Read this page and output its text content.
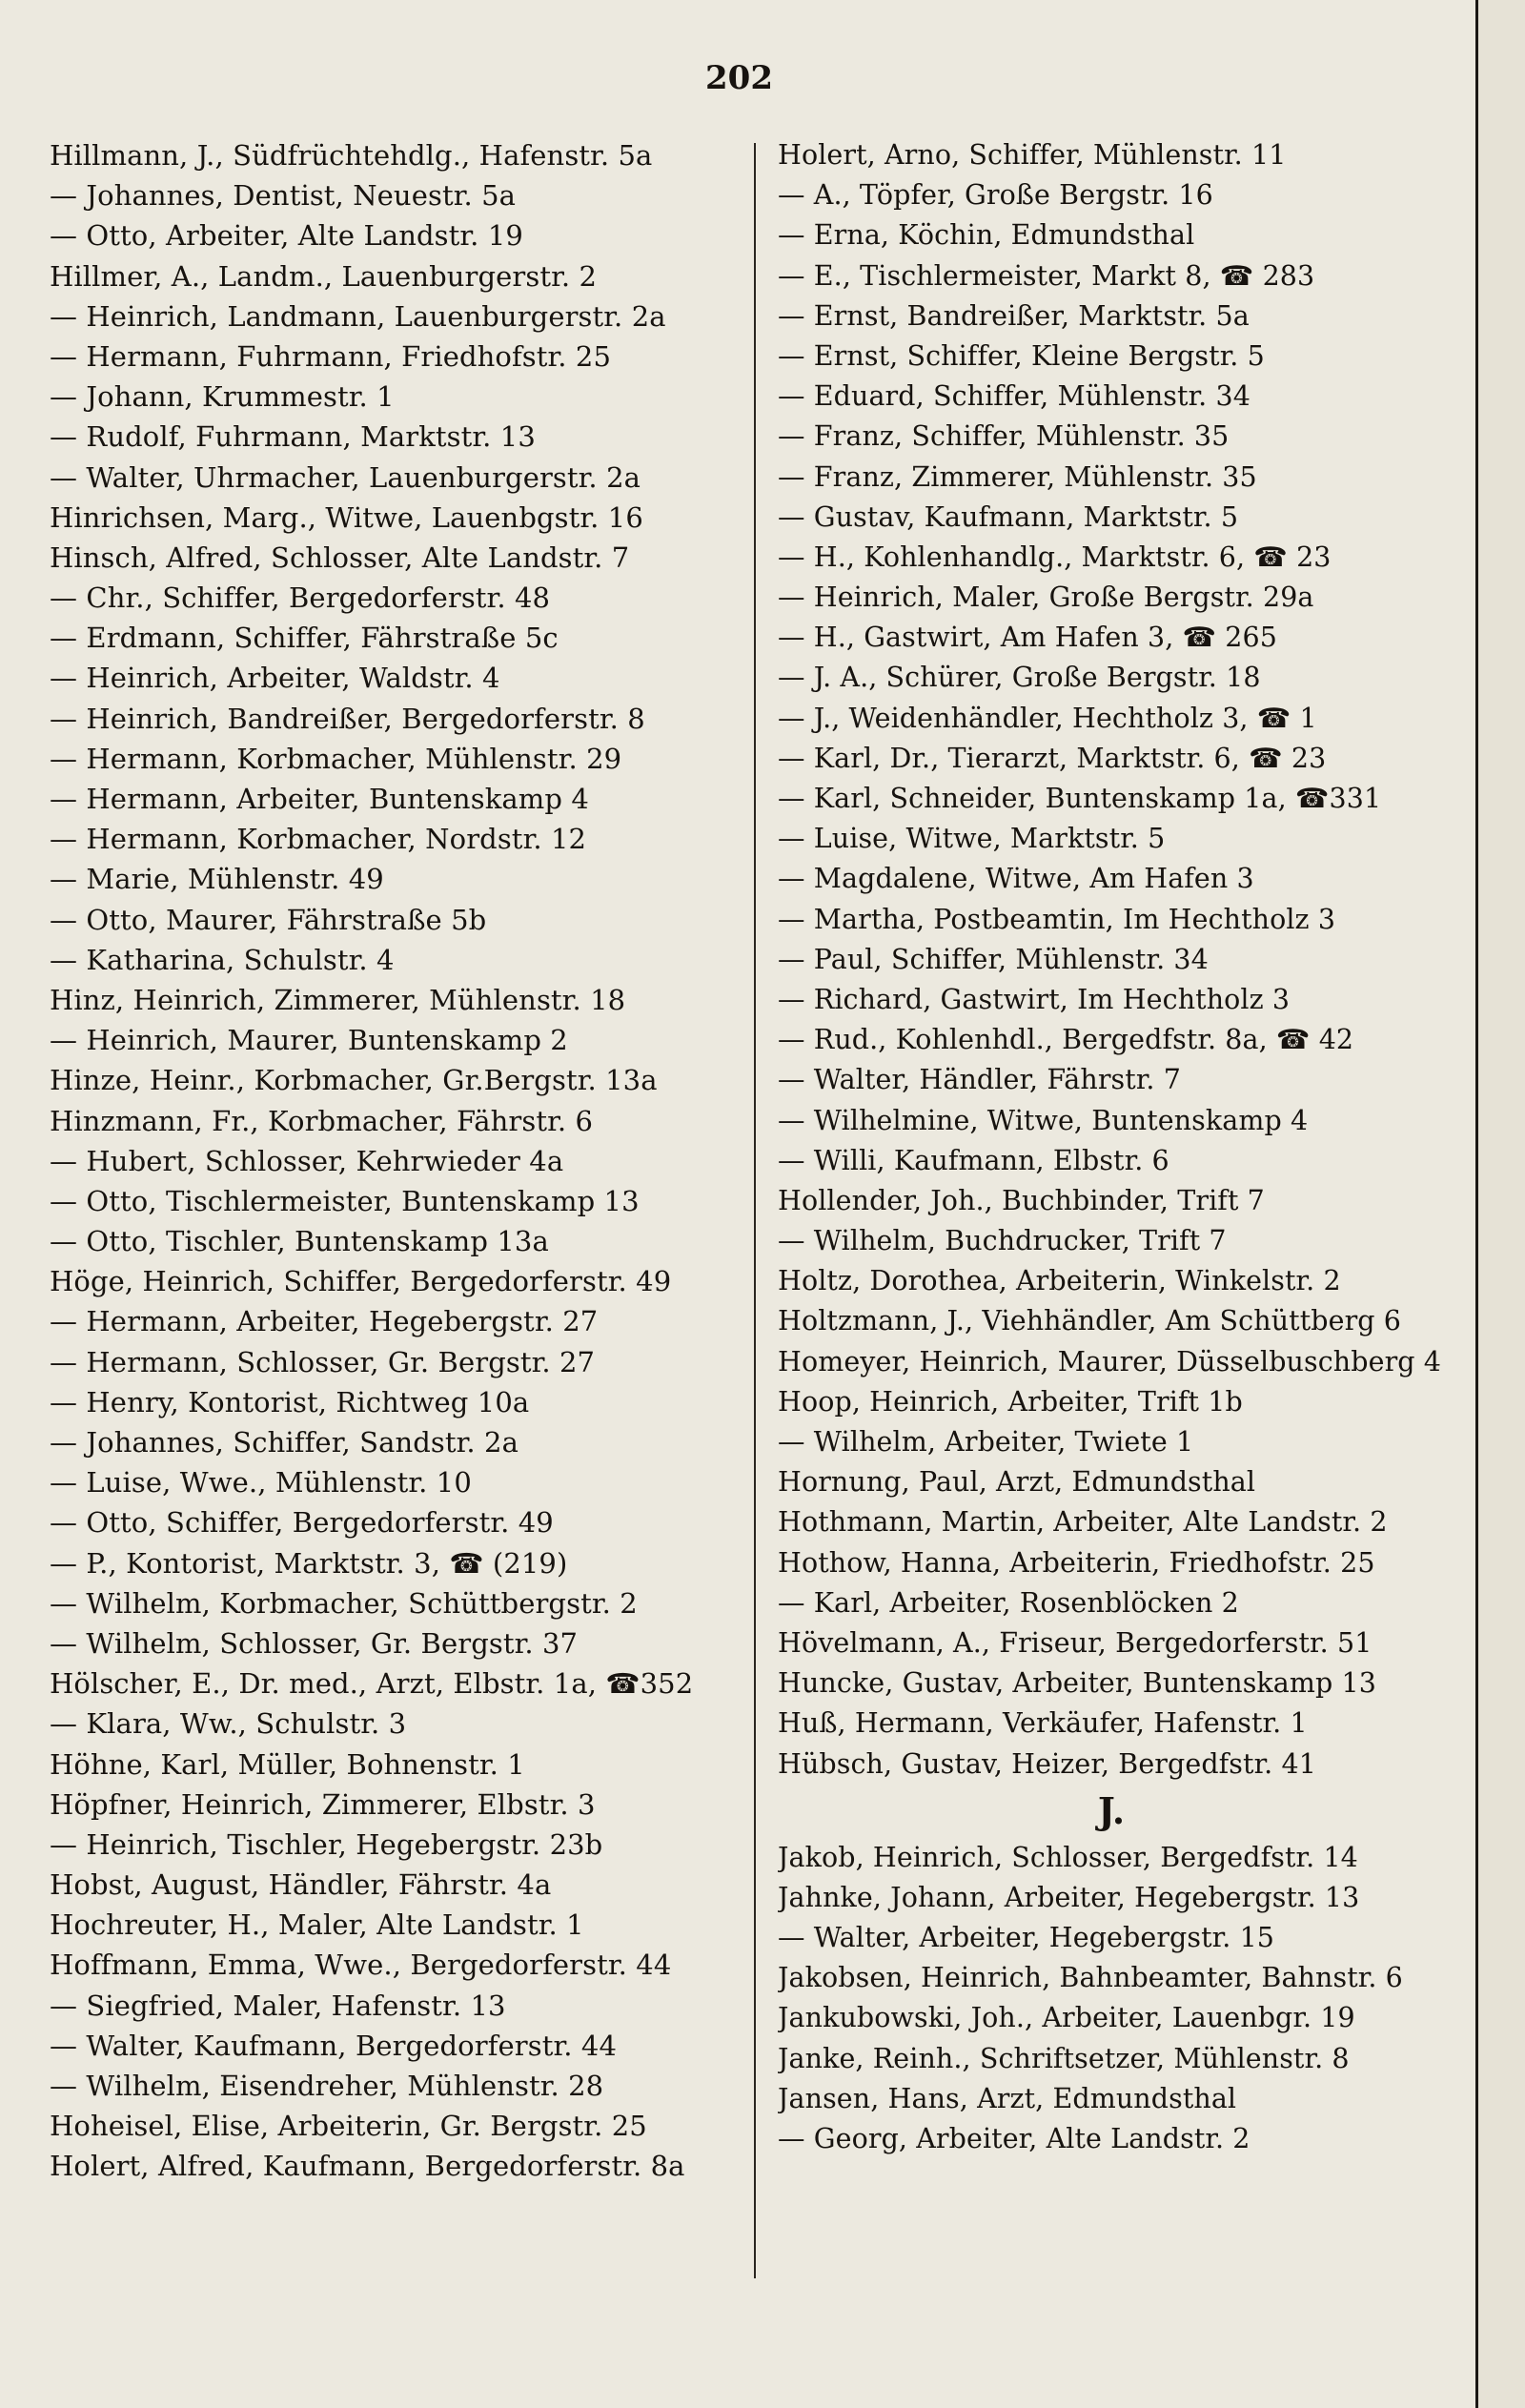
202
Hillmann, J., Südfrüchtehdlg., Hafenstr. 5a
— Johannes, Dentist, Neuestr. 5a
— Otto, Arbeiter, Alte Landstr. 19
Hillmer, A., Landm., Lauenburgerstr. 2
— Heinrich, Landmann, Lauenburgerstr. 2a
— Hermann, Fuhrmann, Friedhofstr. 25
— Johann, Krummestr. 1
— Rudolf, Fuhrmann, Marktstr. 13
— Walter, Uhrmacher, Lauenburgerstr. 2a
Hinrichsen, Marg., Witwe, Lauenbgstr. 16
Hinsch, Alfred, Schlosser, Alte Landstr. 7
— Chr., Schiffer, Bergedorferstr. 48
— Erdmann, Schiffer, Fährstraße 5c
— Heinrich, Arbeiter, Waldstr. 4
— Heinrich, Bandreißer, Bergedorferstr. 8
— Hermann, Korbmacher, Mühlenstr. 29
— Hermann, Arbeiter, Buntenskamp 4
— Hermann, Korbmacher, Nordstr. 12
— Marie, Mühlenstr. 49
— Otto, Maurer, Fährstraße 5b
— Katharina, Schulstr. 4
Hinz, Heinrich, Zimmerer, Mühlenstr. 18
— Heinrich, Maurer, Buntenskamp 2
Hinze, Heinr., Korbmacher, Gr.Bergstr. 13a
Hinzmann, Fr., Korbmacher, Fährstr. 6
— Hubert, Schlosser, Kehrwieder 4a
— Otto, Tischlermeister, Buntenskamp 13
— Otto, Tischler, Buntenskamp 13a
Höge, Heinrich, Schiffer, Bergedorferstr. 49
— Hermann, Arbeiter, Hegebergstr. 27
— Hermann, Schlosser, Gr. Bergstr. 27
— Henry, Kontorist, Richtweg 10a
— Johannes, Schiffer, Sandstr. 2a
— Luise, Wwe., Mühlenstr. 10
— Otto, Schiffer, Bergedorferstr. 49
— P., Kontorist, Marktstr. 3, ☎ (219)
— Wilhelm, Korbmacher, Schüttbergstr. 2
— Wilhelm, Schlosser, Gr. Bergstr. 37
Hölscher, E., Dr. med., Arzt, Elbstr. 1a, ☎352
— Klara, Ww., Schulstr. 3
Höhne, Karl, Müller, Bohnenstr. 1
Höpfner, Heinrich, Zimmerer, Elbstr. 3
— Heinrich, Tischler, Hegebergstr. 23b
Hobst, August, Händler, Fährstr. 4a
Hochreuter, H., Maler, Alte Landstr. 1
Hoffmann, Emma, Wwe., Bergedorferstr. 44
— Siegfried, Maler, Hafenstr. 13
— Walter, Kaufmann, Bergedorferstr. 44
— Wilhelm, Eisendreher, Mühlenstr. 28
Hoheisel, Elise, Arbeiterin, Gr. Bergstr. 25
Holert, Alfred, Kaufmann, Bergedorferstr. 8a
Holert, Arno, Schiffer, Mühlenstr. 11
— A., Töpfer, Große Bergstr. 16
— Erna, Köchin, Edmundsthal
— E., Tischlermeister, Markt 8, ☎ 283
— Ernst, Bandreißer, Marktstr. 5a
— Ernst, Schiffer, Kleine Bergstr. 5
— Eduard, Schiffer, Mühlenstr. 34
— Franz, Schiffer, Mühlenstr. 35
— Franz, Zimmerer, Mühlenstr. 35
— Gustav, Kaufmann, Marktstr. 5
— H., Kohlenhandlg., Marktstr. 6, ☎ 23
— Heinrich, Maler, Große Bergstr. 29a
— H., Gastwirt, Am Hafen 3, ☎ 265
— J. A., Schürer, Große Bergstr. 18
— J., Weidenhändler, Hechtholz 3, ☎ 1
— Karl, Dr., Tierarzt, Marktstr. 6, ☎ 23
— Karl, Schneider, Buntenskamp 1a, ☎331
— Luise, Witwe, Marktstr. 5
— Magdalene, Witwe, Am Hafen 3
— Martha, Postbeamtin, Im Hechtholz 3
— Paul, Schiffer, Mühlenstr. 34
— Richard, Gastwirt, Im Hechtholz 3
— Rud., Kohlenhdl., Bergedfstr. 8a, ☎ 42
— Walter, Händler, Fährstr. 7
— Wilhelmine, Witwe, Buntenskamp 4
— Willi, Kaufmann, Elbstr. 6
Hollender, Joh., Buchbinder, Trift 7
— Wilhelm, Buchdrucker, Trift 7
Holtz, Dorothea, Arbeiterin, Winkelstr. 2
Holtzmann, J., Viehhändler, Am Schüttberg 6
Homeyer, Heinrich, Maurer, Düsselbuschberg 4
Hoop, Heinrich, Arbeiter, Trift 1b
— Wilhelm, Arbeiter, Twiete 1
Hornung, Paul, Arzt, Edmundsthal
Hothmann, Martin, Arbeiter, Alte Landstr. 2
Hothow, Hanna, Arbeiterin, Friedhofstr. 25
— Karl, Arbeiter, Rosenblöcken 2
Hövelmann, A., Friseur, Bergedorferstr. 51
Huncke, Gustav, Arbeiter, Buntenskamp 13
Huß, Hermann, Verkäufer, Hafenstr. 1
Hübsch, Gustav, Heizer, Bergedfstr. 41
J.
Jakob, Heinrich, Schlosser, Bergedfstr. 14
Jahnke, Johann, Arbeiter, Hegebergstr. 13
— Walter, Arbeiter, Hegebergstr. 15
Jakobsen, Heinrich, Bahnbeamter, Bahnstr. 6
Jankubowski, Joh., Arbeiter, Lauenbgr. 19
Janke, Reinh., Schriftsetzer, Mühlenstr. 8
Jansen, Hans, Arzt, Edmundsthal
— Georg, Arbeiter, Alte Landstr. 2
